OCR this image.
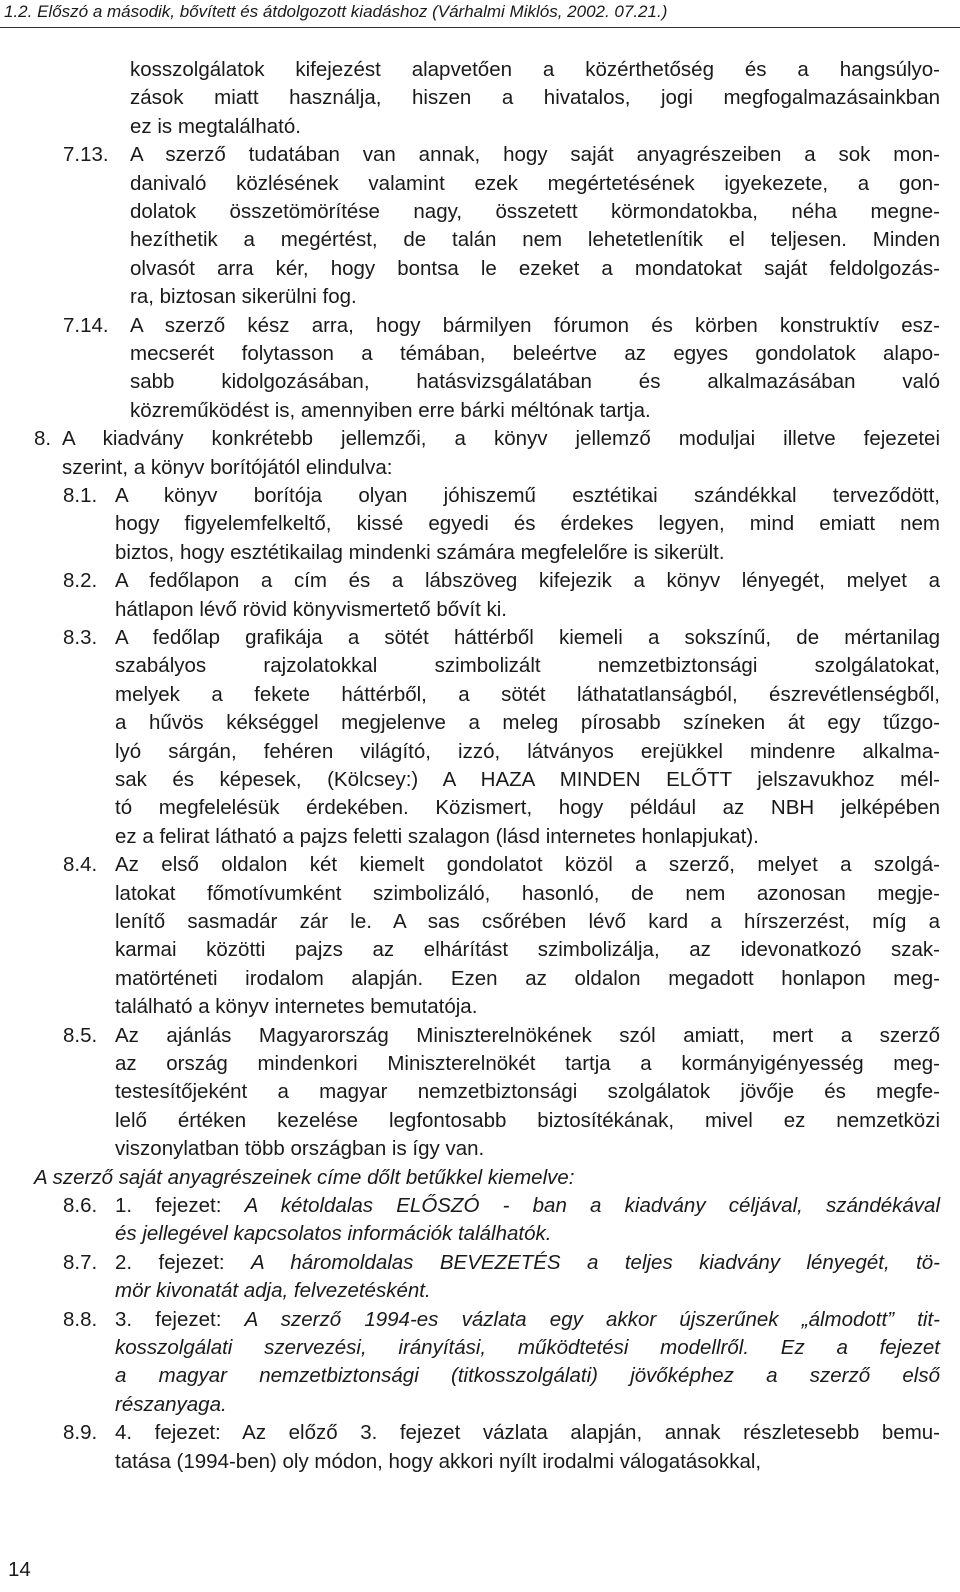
1.2. Előszó a második, bővített és átdolgozott kiadáshoz (Várhalmi Miklós, 2002. 07.21.)
kosszolgálatok kifejezést alapvetően a közérthetőség és a hangsúlyo-
zások miatt használja, hiszen a hivatalos, jogi megfogalmazásainkban
ez is megtalálható.
7.13. A szerző tudatában van annak, hogy saját anyagrészeiben a sok mon-
danivaló közlésének valamint ezek megértetésének igyekezete, a gon-
dolatok összetömörítése nagy, összetett körmondatokba, néha megne-
hezíthetik a megértést, de talán nem lehetetlenítik el teljesen. Minden
olvasót arra kér, hogy bontsa le ezeket a mondatokat saját feldolgozás-
ra, biztosan sikerülni fog.
7.14. A szerző kész arra, hogy bármilyen fórumon és körben konstruktív esz-
mecserét folytasson a témában, beleértve az egyes gondolatok alapo-
sabb kidolgozásában, hatásvizsgálatában és alkalmazásában való
közreműködést is, amennyiben erre bárki méltónak tartja.
8. A kiadvány konkrétebb jellemzői, a könyv jellemző moduljai illetve fejezetei
szerint, a könyv borítójától elindulva:
8.1. A könyv borítója olyan jóhiszemű esztétikai szándékkal terveződött,
hogy figyelemfelkeltő, kissé egyedi és érdekes legyen, mind emiatt nem
biztos, hogy esztétikailag mindenki számára megfelelőre is sikerült.
8.2. A fedőlapon a cím és a lábszöveg kifejezik a könyv lényegét, melyet a
hátlapon lévő rövid könyvismertető bővít ki.
8.3. A fedőlap grafikája a sötét háttérből kiemeli a sokszínű, de mértanilag
szabályos rajzolatokkal szimbolizált nemzetbiztonsági szolgálatokat,
melyek a fekete háttérből, a sötét láthatatlanságból, észrevétlenségből,
a hűvös kékséggel megjelenve a meleg pírosabb színeken át egy tűzgo-
lyó sárgán, fehéren világító, izzó, látványos erejükkel mindenre alkalma-
sak és képesek, (Kölcsey:) A HAZA MINDEN ELŐTT jelszavukhoz mél-
tó megfelelésük érdekében. Közismert, hogy például az NBH jelképében
ez a felirat látható a pajzs feletti szalagon (lásd internetes honlapjukat).
8.4. Az első oldalon két kiemelt gondolatot közöl a szerző, melyet a szolgá-
latokat főmotívumként szimbolizáló, hasonló, de nem azonosan megje-
lenítő sasmadár zár le. A sas csőrében lévő kard a hírszerzést, míg a
karmai közötti pajzs az elhárítást szimbolizálja, az idevonatkozó szak-
matörténeti irodalom alapján. Ezen az oldalon megadott honlapon meg-
található a könyv internetes bemutatója.
8.5. Az ajánlás Magyarország Miniszterelnökének szól amiatt, mert a szerző
az ország mindenkori Miniszterelnökét tartja a kormányigényesség meg-
testesítőjeként a magyar nemzetbiztonsági szolgálatok jövője és megfe-
lelő értéken kezelése legfontosabb biztosítékának, mivel ez nemzetközi
viszonylatban több országban is így van.
A szerző saját anyagrészeinek címe dőlt betűkkel kiemelve:
8.6. 1. fejezet: A kétoldalas ELŐSZÓ - ban a kiadvány céljával, szándékával
és jellegével kapcsolatos információk találhatók.
8.7. 2. fejezet: A háromoldalas BEVEZETÉS a teljes kiadvány lényegét, tö-
mör kivonatát adja, felvezetésként.
8.8. 3. fejezet: A szerző 1994-es vázlata egy akkor újszerűnek „álmodott” tit-
kosszolgálati szervezési, irányítási, működtetési modellről. Ez a fejezet
a magyar nemzetbiztonsági (titkosszolgálati) jövőképhez a szerző első
részanyaga.
8.9. 4. fejezet: Az előző 3. fejezet vázlata alapján, annak részletesebb bemu-
tatása (1994-ben) oly módon, hogy akkori nyílt irodalmi válogatásokkal,
14
